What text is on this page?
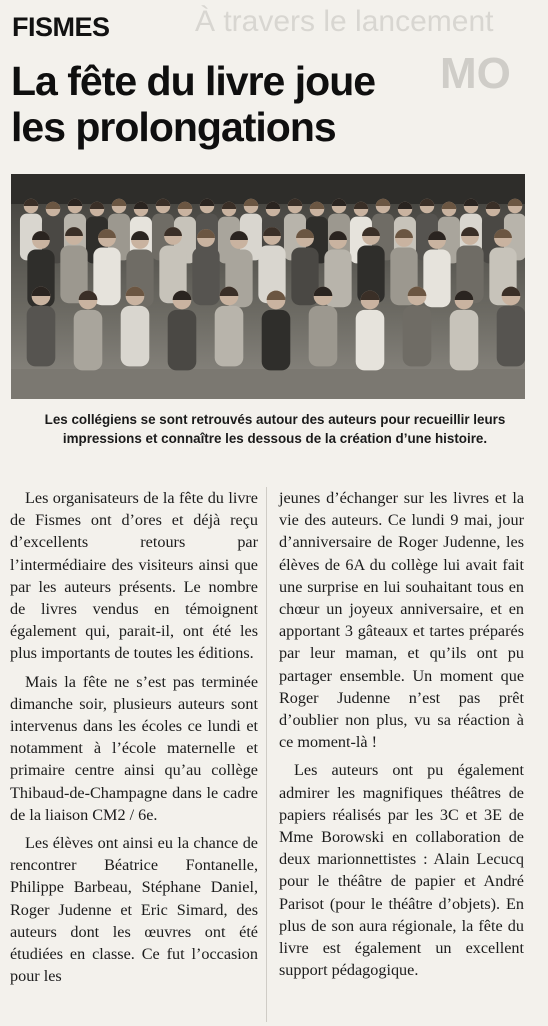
À travers le lancement
MO
FISMES
La fête du livre joue
les prolongations

Les collégiens se sont retrouvés autour des auteurs pour recueillir leurs impressions et connaître les dessous de la création d’une histoire.

Les organisateurs de la fête du livre de Fismes ont d’ores et déjà reçu d’excellents retours par l’intermédiaire des visiteurs ainsi que par les auteurs présents. Le nombre de livres vendus en témoignent également qui, parait-il, ont été les plus importants de toutes les éditions.

Mais la fête ne s’est pas terminée dimanche soir, plusieurs auteurs sont intervenus dans les écoles ce lundi et notamment à l’école maternelle et primaire centre ainsi qu’au collège Thibaud-de-Champagne dans le cadre de la liaison CM2 / 6e.

Les élèves ont ainsi eu la chance de rencontrer Béatrice Fontanelle, Philippe Barbeau, Stéphane Daniel, Roger Judenne et Eric Simard, des auteurs dont les œuvres ont été étudiées en classe. Ce fut l’occasion pour les

jeunes d’échanger sur les livres et la vie des auteurs. Ce lundi 9 mai, jour d’anniversaire de Roger Judenne, les élèves de 6A du collège lui avait fait une surprise en lui souhaitant tous en chœur un joyeux anniversaire, et en apportant 3 gâteaux et tartes préparés par leur maman, et qu’ils ont pu partager ensemble. Un moment que Roger Judenne n’est pas prêt d’oublier non plus, vu sa réaction à ce moment-là !

Les auteurs ont pu également admirer les magnifiques théâtres de papiers réalisés par les 3C et 3E de Mme Borowski en collaboration de deux marionnettistes : Alain Lecucq pour le théâtre de papier et André Parisot (pour le théâtre d’objets). En plus de son aura régionale, la fête du livre est également un excellent support pédagogique.
